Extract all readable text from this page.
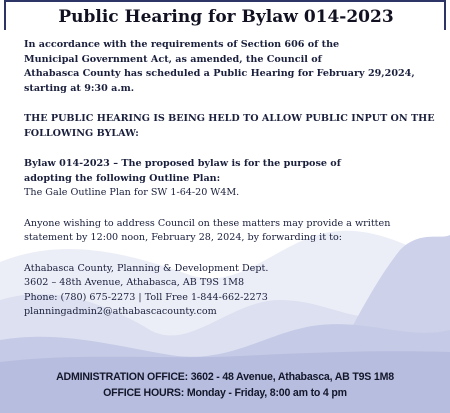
Public Hearing for Bylaw 014-2023

In accordance with the requirements of Section 606 of the
Municipal Government Act, as amended, the Council of
Athabasca County has scheduled a Public Hearing for February 29,2024,
starting at 9:30 a.m.

THE PUBLIC HEARING IS BEING HELD TO ALLOW PUBLIC INPUT ON THE
FOLLOWING BYLAW:

Bylaw 014-2023 – The proposed bylaw is for the purpose of
adopting the following Outline Plan:
The Gale Outline Plan for SW 1-64-20 W4M.

Anyone wishing to address Council on these matters may provide a written
statement by 12:00 noon, February 28, 2024, by forwarding it to:

Athabasca County, Planning & Development Dept.
3602 – 48th Avenue, Athabasca, AB T9S 1M8
Phone: (780) 675-2273 | Toll Free 1-844-662-2273
planningadmin2@athabascacounty.com

ADMINISTRATION OFFICE: 3602 - 48 Avenue, Athabasca, AB T9S 1M8
OFFICE HOURS: Monday - Friday, 8:00 am to 4 pm
